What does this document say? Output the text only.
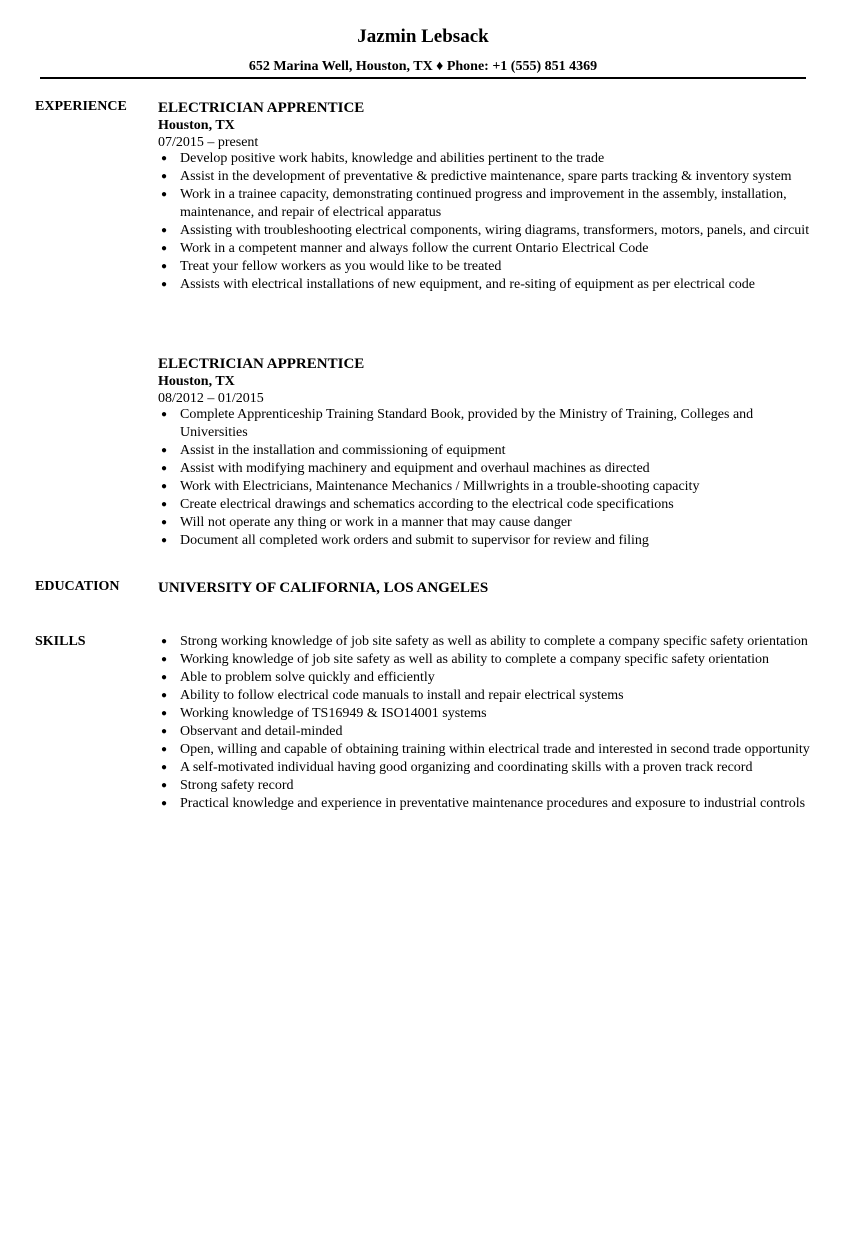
Jazmin Lebsack
652 Marina Well, Houston, TX ♦ Phone: +1 (555) 851 4369
EXPERIENCE ELECTRICIAN APPRENTICE
Houston, TX
07/2015 – present
● Develop positive work habits, knowledge and abilities pertinent to the trade
● Assist in the development of preventative & predictive maintenance, spare parts tracking & inventory system
● Work in a trainee capacity, demonstrating continued progress and improvement in the assembly, installation, maintenance, and repair of electrical apparatus
● Assisting with troubleshooting electrical components, wiring diagrams, transformers, motors, panels, and circuit
● Work in a competent manner and always follow the current Ontario Electrical Code
● Treat your fellow workers as you would like to be treated
● Assists with electrical installations of new equipment, and re-siting of equipment as per electrical code
ELECTRICIAN APPRENTICE
Houston, TX
08/2012 – 01/2015
● Complete Apprenticeship Training Standard Book, provided by the Ministry of Training, Colleges and Universities
● Assist in the installation and commissioning of equipment
● Assist with modifying machinery and equipment and overhaul machines as directed
● Work with Electricians, Maintenance Mechanics / Millwrights in a trouble-shooting capacity
● Create electrical drawings and schematics according to the electrical code specifications
● Will not operate any thing or work in a manner that may cause danger
● Document all completed work orders and submit to supervisor for review and filing
EDUCATION	UNIVERSITY OF CALIFORNIA, LOS ANGELES
SKILLS	● Strong working knowledge of job site safety as well as ability to complete a company specific safety orientation
● Working knowledge of job site safety as well as ability to complete a company specific safety orientation
● Able to problem solve quickly and efficiently
● Ability to follow electrical code manuals to install and repair electrical systems
● Working knowledge of TS16949 & ISO14001 systems
● Observant and detail-minded
● Open, willing and capable of obtaining training within electrical trade and interested in second trade opportunity
● A self-motivated individual having good organizing and coordinating skills with a proven track record
● Strong safety record
● Practical knowledge and experience in preventative maintenance procedures and exposure to industrial controls
